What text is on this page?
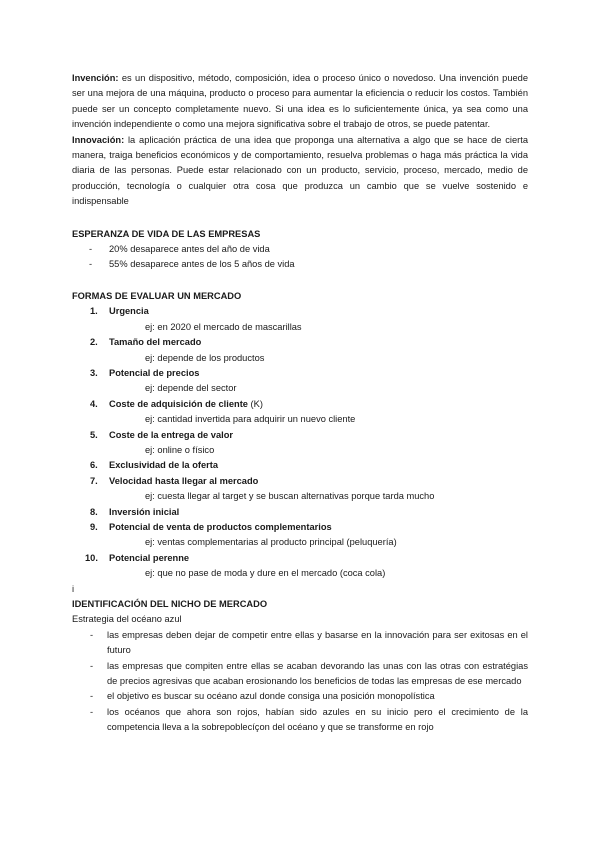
Invención: es un dispositivo, método, composición, idea o proceso único o novedoso. Una invención puede ser una mejora de una máquina, producto o proceso para aumentar la eficiencia o reducir los costos. También puede ser un concepto completamente nuevo. Si una idea es lo suficientemente única, ya sea como una invención independiente o como una mejora significativa sobre el trabajo de otros, se puede patentar.

Innovación: la aplicación práctica de una idea que proponga una alternativa a algo que se hace de cierta manera, traiga beneficios económicos y de comportamiento, resuelva problemas o haga más práctica la vida diaria de las personas. Puede estar relacionado con un producto, servicio, proceso, mercado, medio de producción, tecnología o cualquier otra cosa que produzca un cambio que se vuelve sostenido e indispensable

ESPERANZA DE VIDA DE LAS EMPRESAS

- 20% desaparece antes del año de vida
- 55% desaparece antes de los 5 años de vida

FORMAS DE EVALUAR UN MERCADO

1.	Urgencia
ej: en 2020 el mercado de mascarillas
2.	Tamaño del mercado
ej: depende de los productos
3.	Potencial de precios
ej: depende del sector
4.	Coste de adquisición de cliente (K)
ej: cantidad invertida para adquirir un nuevo cliente
5.	Coste de la entrega de valor
ej: online o físico
6.	Exclusividad de la oferta
7.	Velocidad hasta llegar al mercado
ej: cuesta llegar al target y se buscan alternativas porque tarda mucho
8.	Inversión inicial
9.	Potencial de venta de productos complementarios
ej: ventas complementarias al producto principal (peluquería)
10.	Potencial perenne
ej: que no pase de moda y dure en el mercado (coca cola)

i

IDENTIFICACIÓN DEL NICHO DE MERCADO

Estrategia del océano azul

- las empresas deben dejar de competir entre ellas y basarse en la innovación para ser exitosas en el futuro
- las empresas que compiten entre ellas se acaban devorando las unas con las otras con estratégias de precios agresivas que acaban erosionando los beneficios de todas las empresas de ese mercado
- el objetivo es buscar su océano azul donde consiga una posición monopolística
- los océanos que ahora son rojos, habían sido azules en su inicio pero el crecimiento de la competencia lleva a la sobrepoblecíçon del océano y que se transforme en rojo
